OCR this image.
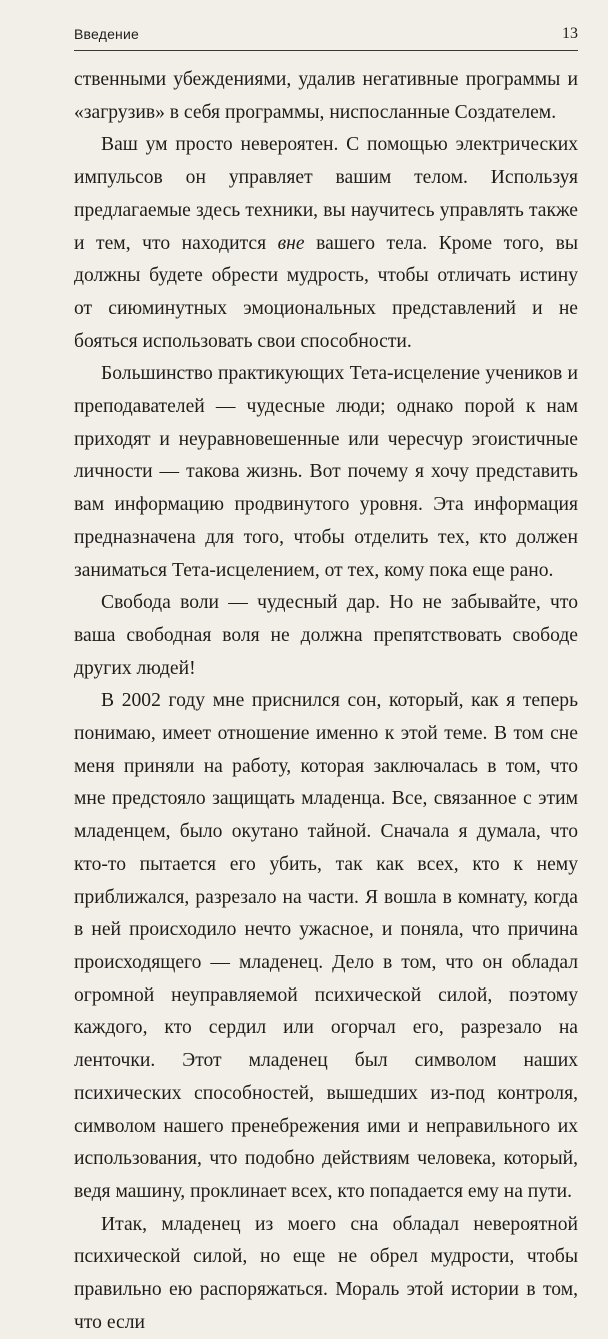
Введение	13

ственными убеждениями, удалив негативные программы и «загрузив» в себя программы, ниспосланные Создателем.

Ваш ум просто невероятен. С помощью электрических импульсов он управляет вашим телом. Используя предлагаемые здесь техники, вы научитесь управлять также и тем, что находится вне вашего тела. Кроме того, вы должны будете обрести мудрость, чтобы отличать истину от сиюминутных эмоциональных представлений и не бояться использовать свои способности.

Большинство практикующих Тета-исцеление учеников и преподавателей — чудесные люди; однако порой к нам приходят и неуравновешенные или чересчур эгоистичные личности — такова жизнь. Вот почему я хочу представить вам информацию продвинутого уровня. Эта информация предназначена для того, чтобы отделить тех, кто должен заниматься Тета-исцелением, от тех, кому пока еще рано.

Свобода воли — чудесный дар. Но не забывайте, что ваша свободная воля не должна препятствовать свободе других людей!

В 2002 году мне приснился сон, который, как я теперь понимаю, имеет отношение именно к этой теме. В том сне меня приняли на работу, которая заключалась в том, что мне предстояло защищать младенца. Все, связанное с этим младенцем, было окутано тайной. Сначала я думала, что кто-то пытается его убить, так как всех, кто к нему приближался, разрезало на части. Я вошла в комнату, когда в ней происходило нечто ужасное, и поняла, что причина происходящего — младенец. Дело в том, что он обладал огромной неуправляемой психической силой, поэтому каждого, кто сердил или огорчал его, разрезало на ленточки. Этот младенец был символом наших психических способностей, вышедших из-под контроля, символом нашего пренебрежения ими и неправильного их использования, что подобно действиям человека, который, ведя машину, проклинает всех, кто попадается ему на пути.

Итак, младенец из моего сна обладал невероятной психической силой, но еще не обрел мудрости, чтобы правильно ею распоряжаться. Мораль этой истории в том, что если
